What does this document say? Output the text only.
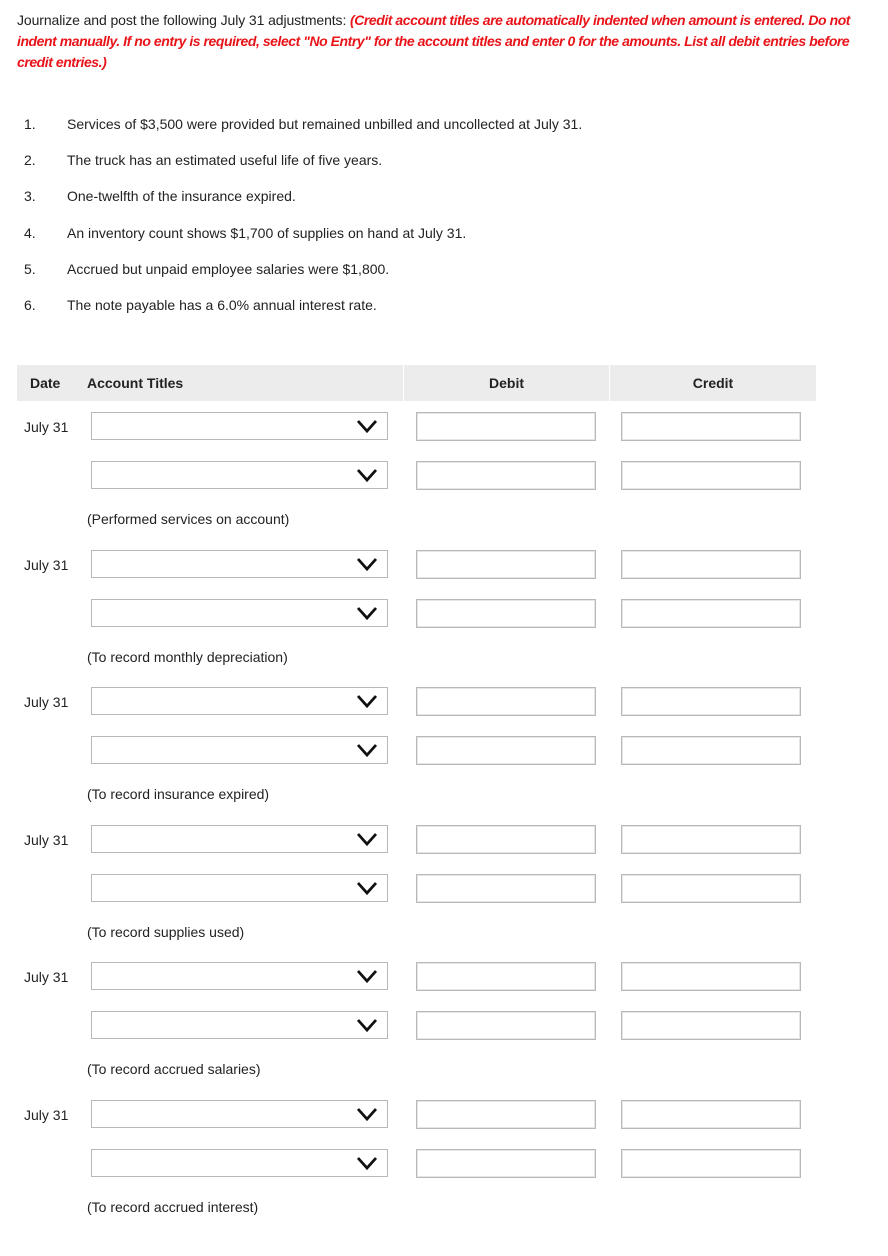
Journalize and post the following July 31 adjustments: (Credit account titles are automatically indented when amount is entered. Do not indent manually. If no entry is required, select "No Entry" for the account titles and enter 0 for the amounts. List all debit entries before credit entries.)
1. Services of $3,500 were provided but remained unbilled and uncollected at July 31.
2. The truck has an estimated useful life of five years.
3. One-twelfth of the insurance expired.
4. An inventory count shows $1,700 of supplies on hand at July 31.
5. Accrued but unpaid employee salaries were $1,800.
6. The note payable has a 6.0% annual interest rate.
Date Account Titles	Debit	Credit
July 31
(Performed services on account)
July 31
(To record monthly depreciation)
July 31
(To record insurance expired)
July 31
(To record supplies used)
July 31
(To record accrued salaries)
July 31
(To record accrued interest)
